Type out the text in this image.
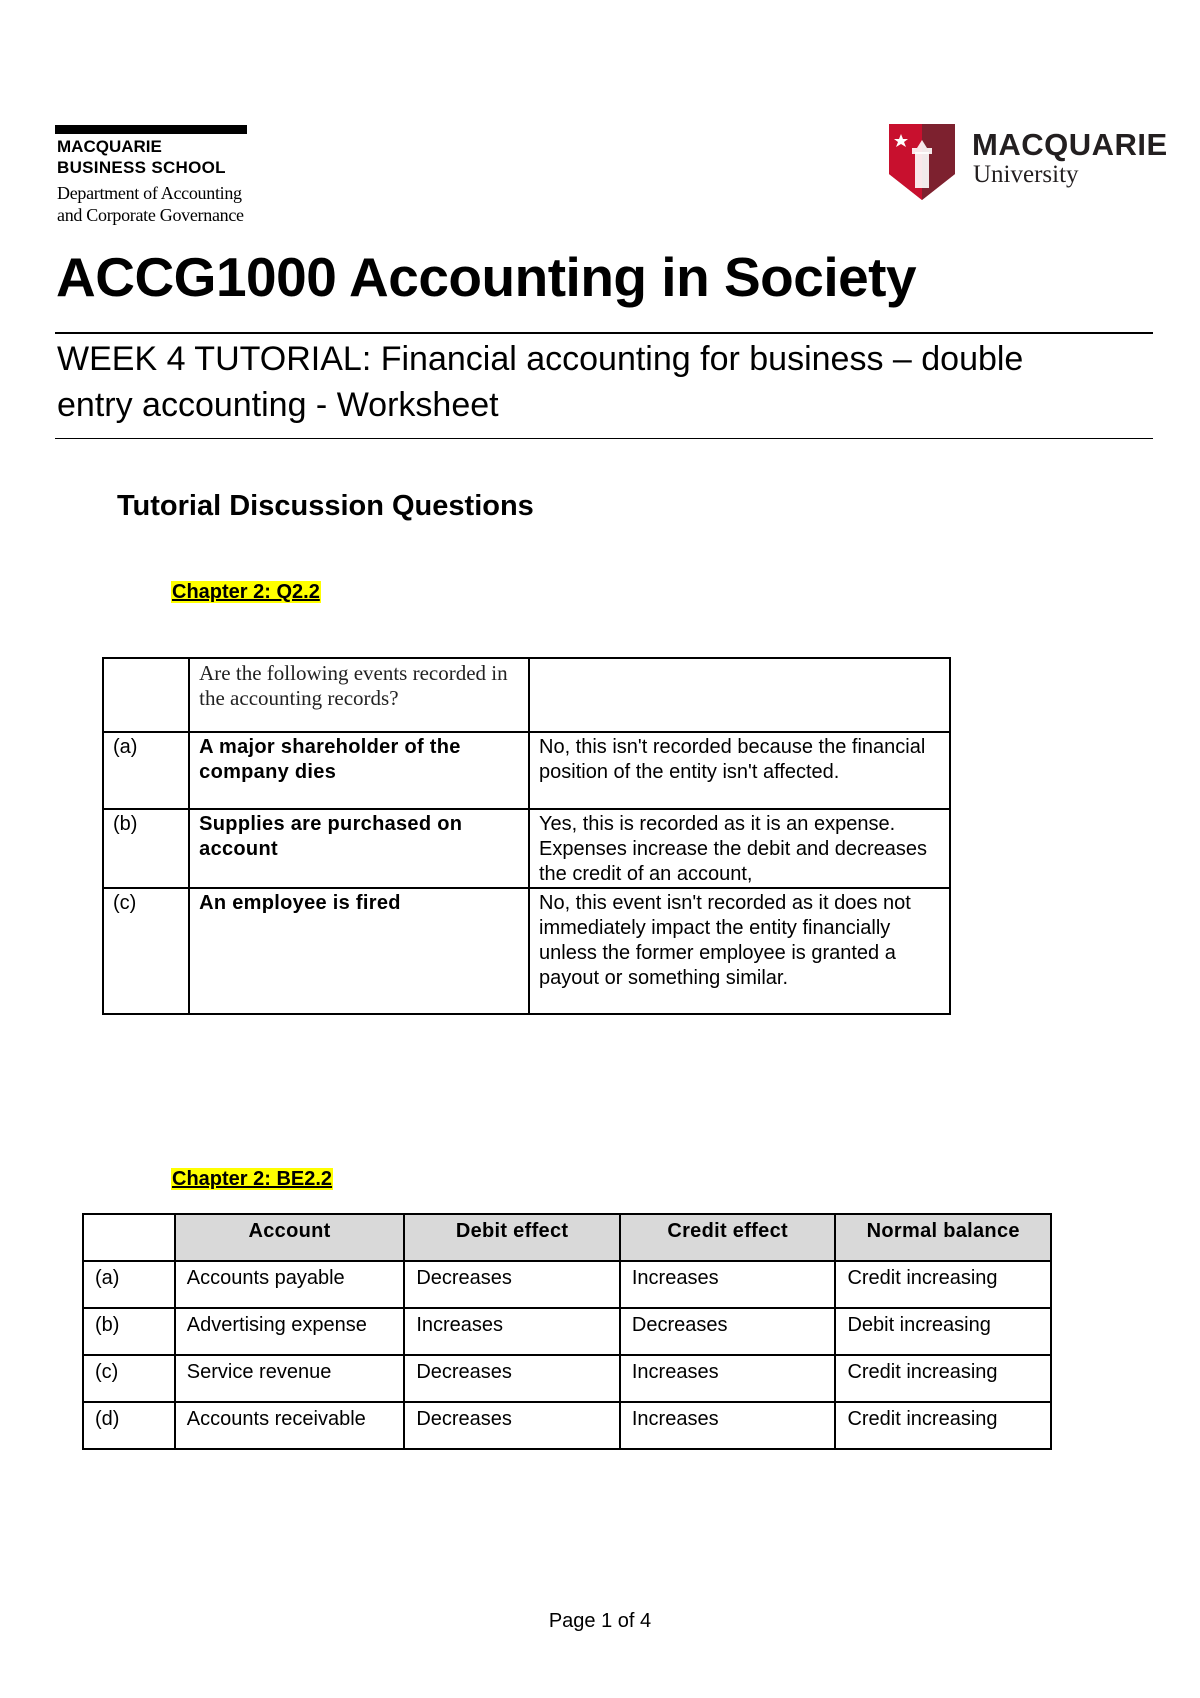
MACQUARIE
BUSINESS SCHOOL
Department of Accounting
and Corporate Governance
MACQUARIE
University
ACCG1000 Accounting in Society
WEEK 4 TUTORIAL: Financial accounting for business – double
entry accounting - Worksheet
Tutorial Discussion Questions
Chapter 2: Q2.2
	Are the following events recorded in the accounting records?	
(a)	A major shareholder of the company dies	No, this isn't recorded because the financial position of the entity isn't affected.
(b)	Supplies are purchased on account	Yes, this is recorded as it is an expense. Expenses increase the debit and decreases the credit of an account,
(c)	An employee is fired	No, this event isn't recorded as it does not immediately impact the entity financially unless the former employee is granted a payout or something similar.
Chapter 2: BE2.2
	Account	Debit effect	Credit effect	Normal balance
(a)	Accounts payable	Decreases	Increases	Credit increasing
(b)	Advertising expense	Increases	Decreases	Debit increasing
(c)	Service revenue	Decreases	Increases	Credit increasing
(d)	Accounts receivable	Decreases	Increases	Credit increasing
Page 1 of 4
